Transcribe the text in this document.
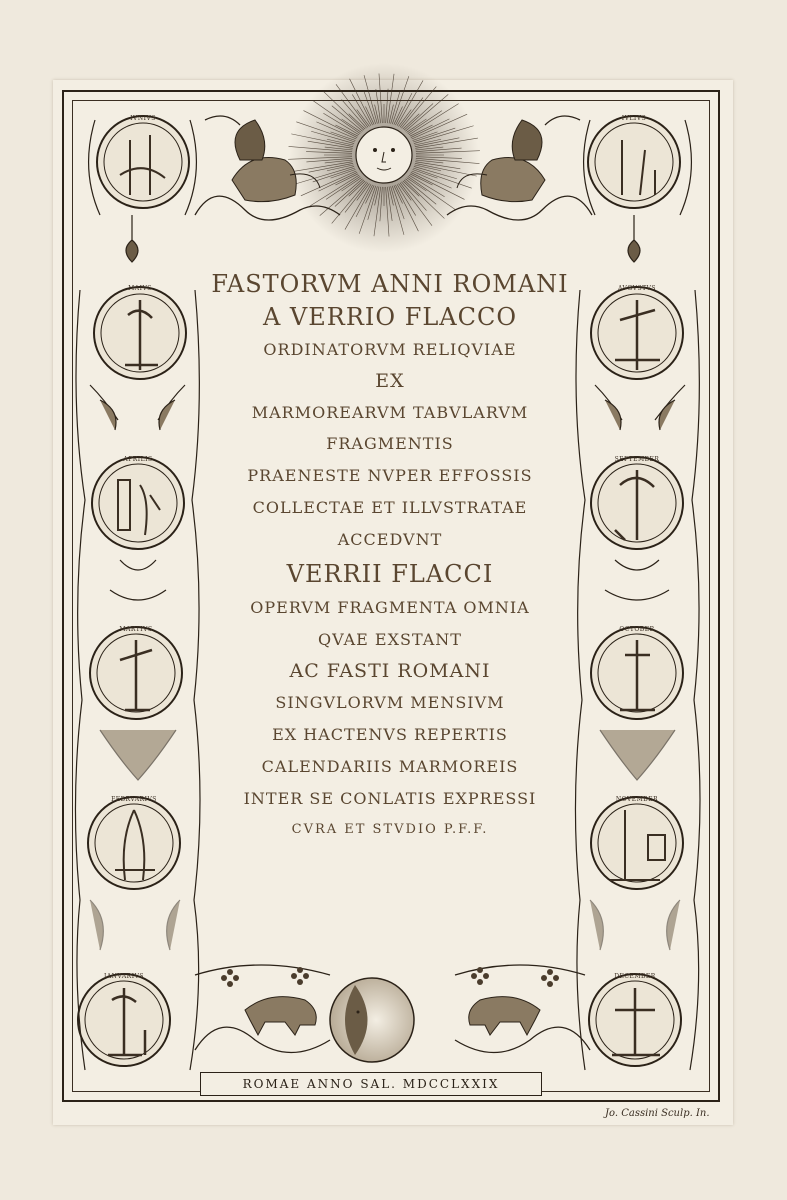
IVNIVS
MAIVS
APRILIS
MARTIVS
FEBRVARIVS
IANVARIVS
IVLIVS
AVGVSTVS
SEPTEMBER
OCTOBER
NOVEMBER
DECEMBER
FASTORVM ANNI ROMANI
A VERRIO FLACCO
ORDINATORVM RELIQVIAE
EX
MARMOREARVM TABVLARVM
FRAGMENTIS
PRAENESTE NVPER EFFOSSIS
COLLECTAE ET ILLVSTRATAE
ACCEDVNT
VERRII FLACCI
OPERVM FRAGMENTA OMNIA
QVAE EXSTANT
AC FASTI ROMANI
SINGVLORVM MENSIVM
EX HACTENVS REPERTIS
CALENDARIIS MARMOREIS
INTER SE CONLATIS EXPRESSI
CVRA ET STVDIO P.F.F.
ROMAE ANNO SAL. MDCCLXXIX
Jo. Cassini Sculp. In.
